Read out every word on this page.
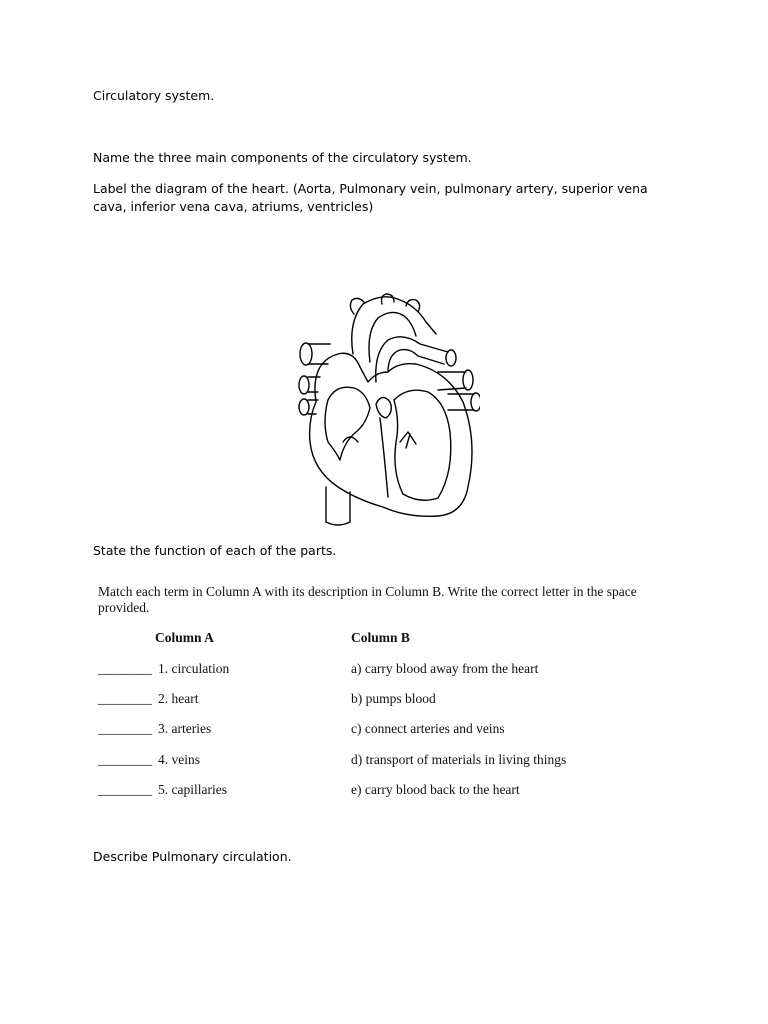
Circulatory system.

Name the three main components of the circulatory system.

Label the diagram of the heart. (Aorta, Pulmonary vein, pulmonary artery, superior vena cava, inferior vena cava, atriums, ventricles)

State the function of each of the parts.

Match each term in Column A with its description in Column B. Write the correct letter in the space provided.
Column A	Column B
________ 1. circulation	a) carry blood away from the heart
________ 2. heart	b) pumps blood
________ 3. arteries	c) connect arteries and veins
________ 4. veins	d) transport of materials in living things
________ 5. capillaries	e) carry blood back to the heart

Describe Pulmonary circulation.
